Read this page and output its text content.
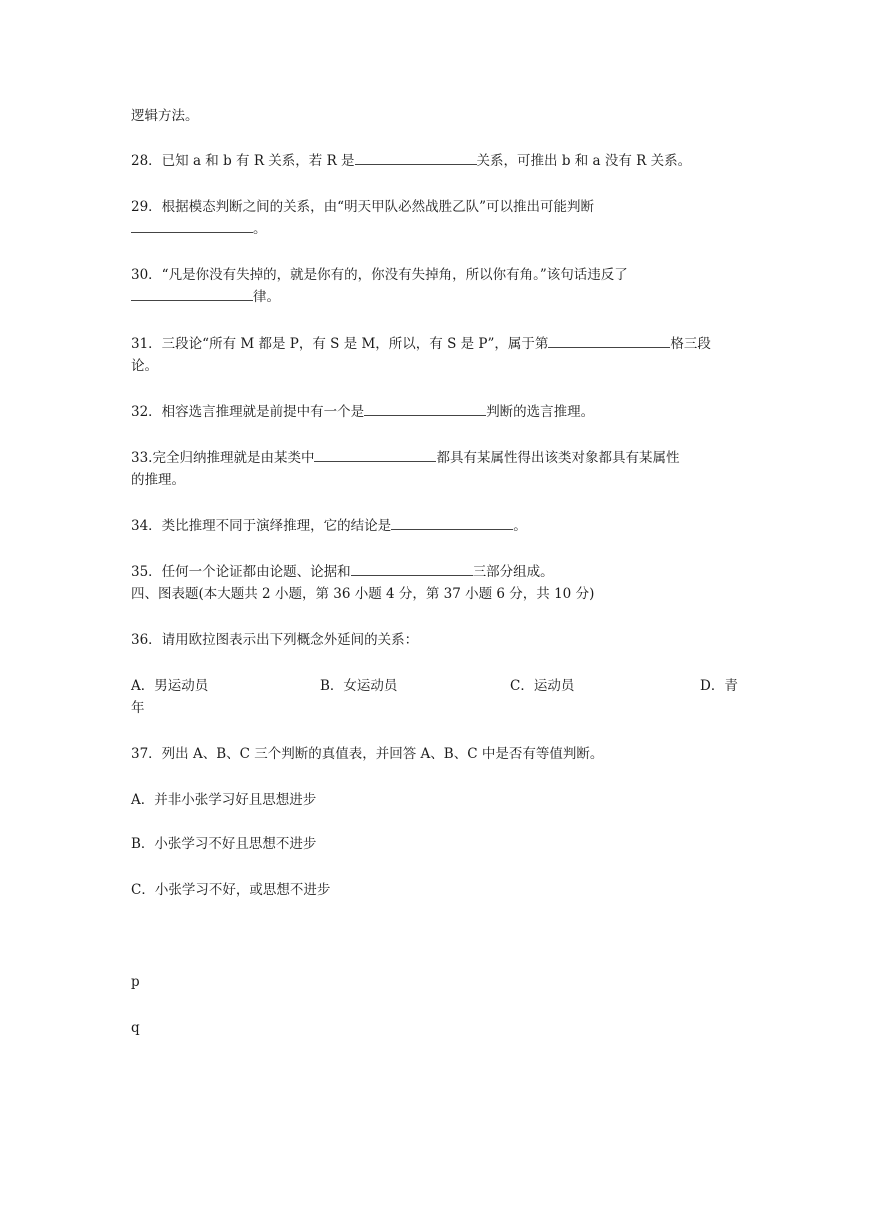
逻辑方法。
28．已知 a 和 b 有 R 关系，若 R 是	关系，可推出 b 和 a 没有 R 关系。
29．根据模态判断之间的关系，由“明天甲队必然战胜乙队”可以推出可能判断
。
30．“凡是你没有失掉的，就是你有的，你没有失掉角，所以你有角。”该句话违反了
律。
31．三段论“所有 M 都是 P，有 S 是 M，所以，有 S 是 P”，属于第	格三段
论。
32．相容选言推理就是前提中有一个是	判断的选言推理。
33.完全归纳推理就是由某类中	都具有某属性得出该类对象都具有某属性
的推理。
34．类比推理不同于演绎推理，它的结论是	。
35．任何一个论证都由论题、论据和	三部分组成。
四、图表题(本大题共 2 小题，第 36 小题 4 分，第 37 小题 6 分，共 10 分)
36．请用欧拉图表示出下列概念外延间的关系：
A．男运动员	B．女运动员	C．运动员	D．青
年
37．列出 A、B、C 三个判断的真值表，并回答 A、B、C 中是否有等值判断。
A．并非小张学习好且思想进步
B．小张学习不好且思想不进步
C．小张学习不好，或思想不进步
p
q
